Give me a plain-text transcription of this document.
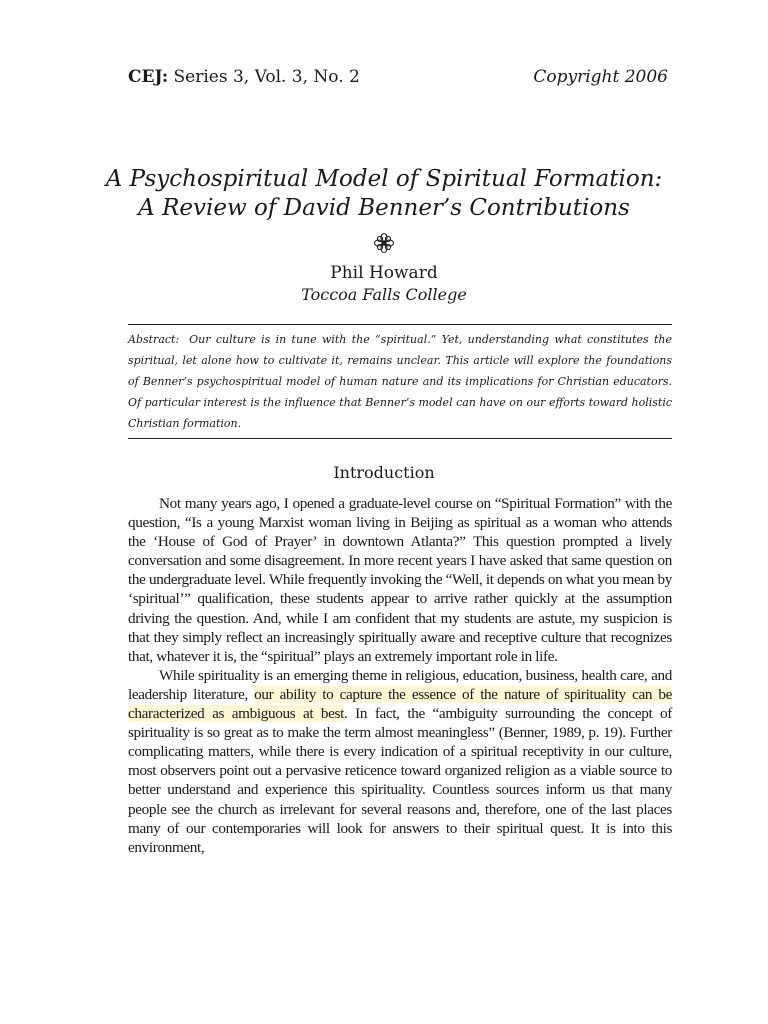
CEJ: Series 3, Vol. 3, No. 2	Copyright 2006
A Psychospiritual Model of Spiritual Formation: A Review of David Benner’s Contributions
Phil Howard
Toccoa Falls College

Abstract: Our culture is in tune with the “spiritual.” Yet, understanding what constitutes the spiritual, let alone how to cultivate it, remains unclear. This article will explore the foundations of Benner’s psychospiritual model of human nature and its implications for Christian educators. Of particular interest is the influence that Benner’s model can have on our efforts toward holistic Christian formation.

Introduction

Not many years ago, I opened a graduate-level course on “Spiritual Formation” with the question, “Is a young Marxist woman living in Beijing as spiritual as a woman who attends the ‘House of God of Prayer’ in downtown Atlanta?” This question prompted a lively conversation and some disagreement. In more recent years I have asked that same question on the undergraduate level. While frequently invoking the “Well, it depends on what you mean by ‘spiritual’” qualification, these students appear to arrive rather quickly at the assumption driving the question. And, while I am confident that my students are astute, my suspicion is that they simply reflect an increasingly spiritually aware and receptive culture that recognizes that, whatever it is, the “spiritual” plays an extremely important role in life.

While spirituality is an emerging theme in religious, education, business, health care, and leadership literature, our ability to capture the essence of the nature of spirituality can be characterized as ambiguous at best. In fact, the “ambiguity surrounding the concept of spirituality is so great as to make the term almost meaningless” (Benner, 1989, p. 19). Further complicating matters, while there is every indication of a spiritual receptivity in our culture, most observers point out a pervasive reticence toward organized religion as a viable source to better understand and experience this spirituality. Countless sources inform us that many people see the church as irrelevant for several reasons and, therefore, one of the last places many of our contemporaries will look for answers to their spiritual quest. It is into this environment,
